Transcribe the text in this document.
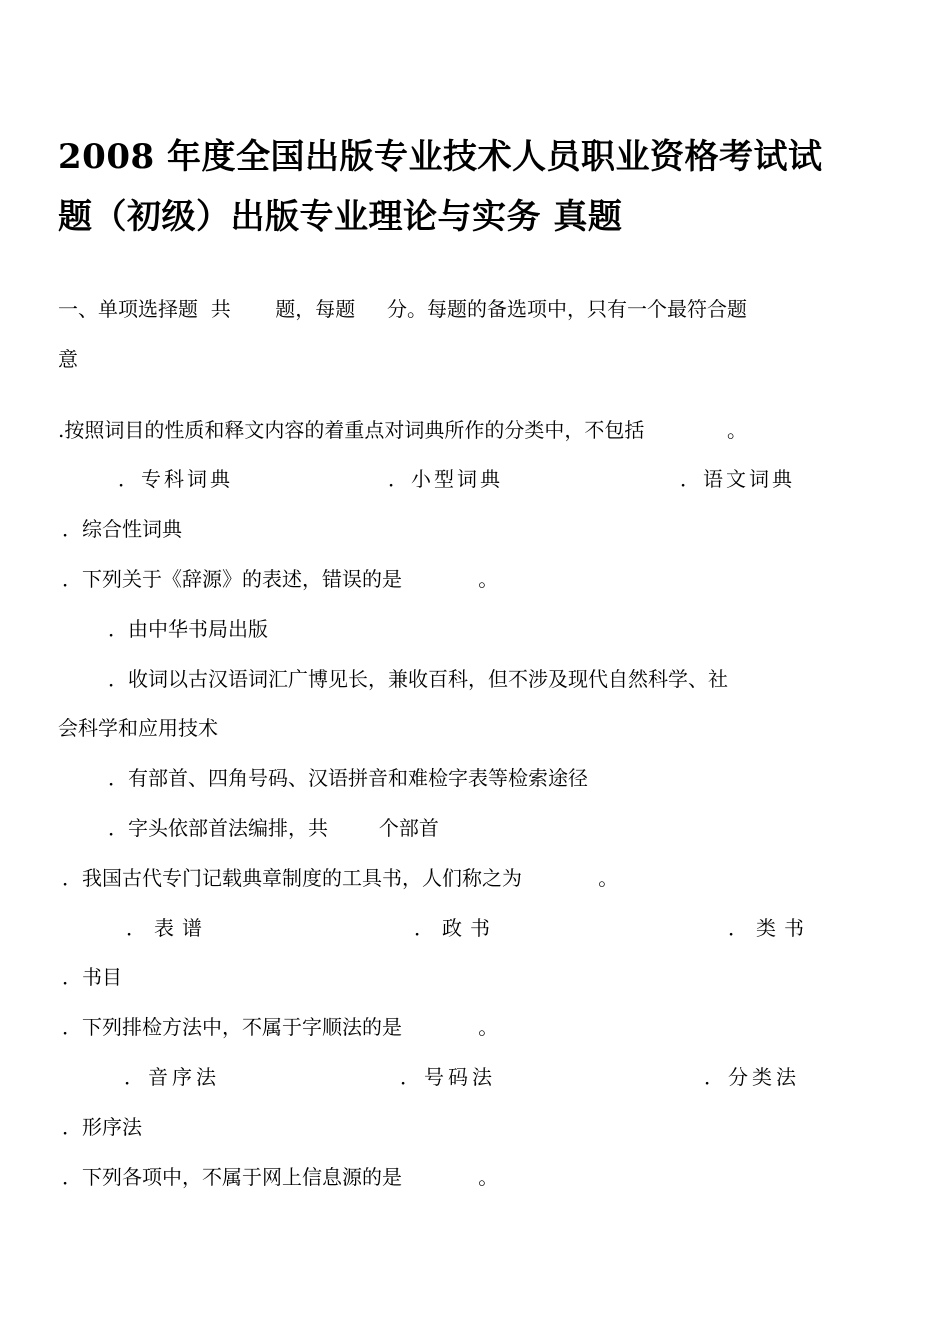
2008 年度全国出版专业技术人员职业资格考试试
题（初级）出版专业理论与实务 真题
一、单项选择题  共       题，每题     分。每题的备选项中，只有一个最符合题
意
.按照词目的性质和释文内容的着重点对词典所作的分类中，不包括             。
．专科词典	．小型词典	．语文词典
．综合性词典
．下列关于《辞源》的表述，错误的是            。
．由中华书局出版
．收词以古汉语词汇广博见长，兼收百科，但不涉及现代自然科学、社
会科学和应用技术
．有部首、四角号码、汉语拼音和难检字表等检索途径
．字头依部首法编排，共        个部首
．我国古代专门记载典章制度的工具书，人们称之为            。
．表谱	．政书	．类书
．书目
．下列排检方法中，不属于字顺法的是            。
．音序法	．号码法	．分类法
．形序法
．下列各项中，不属于网上信息源的是            。
